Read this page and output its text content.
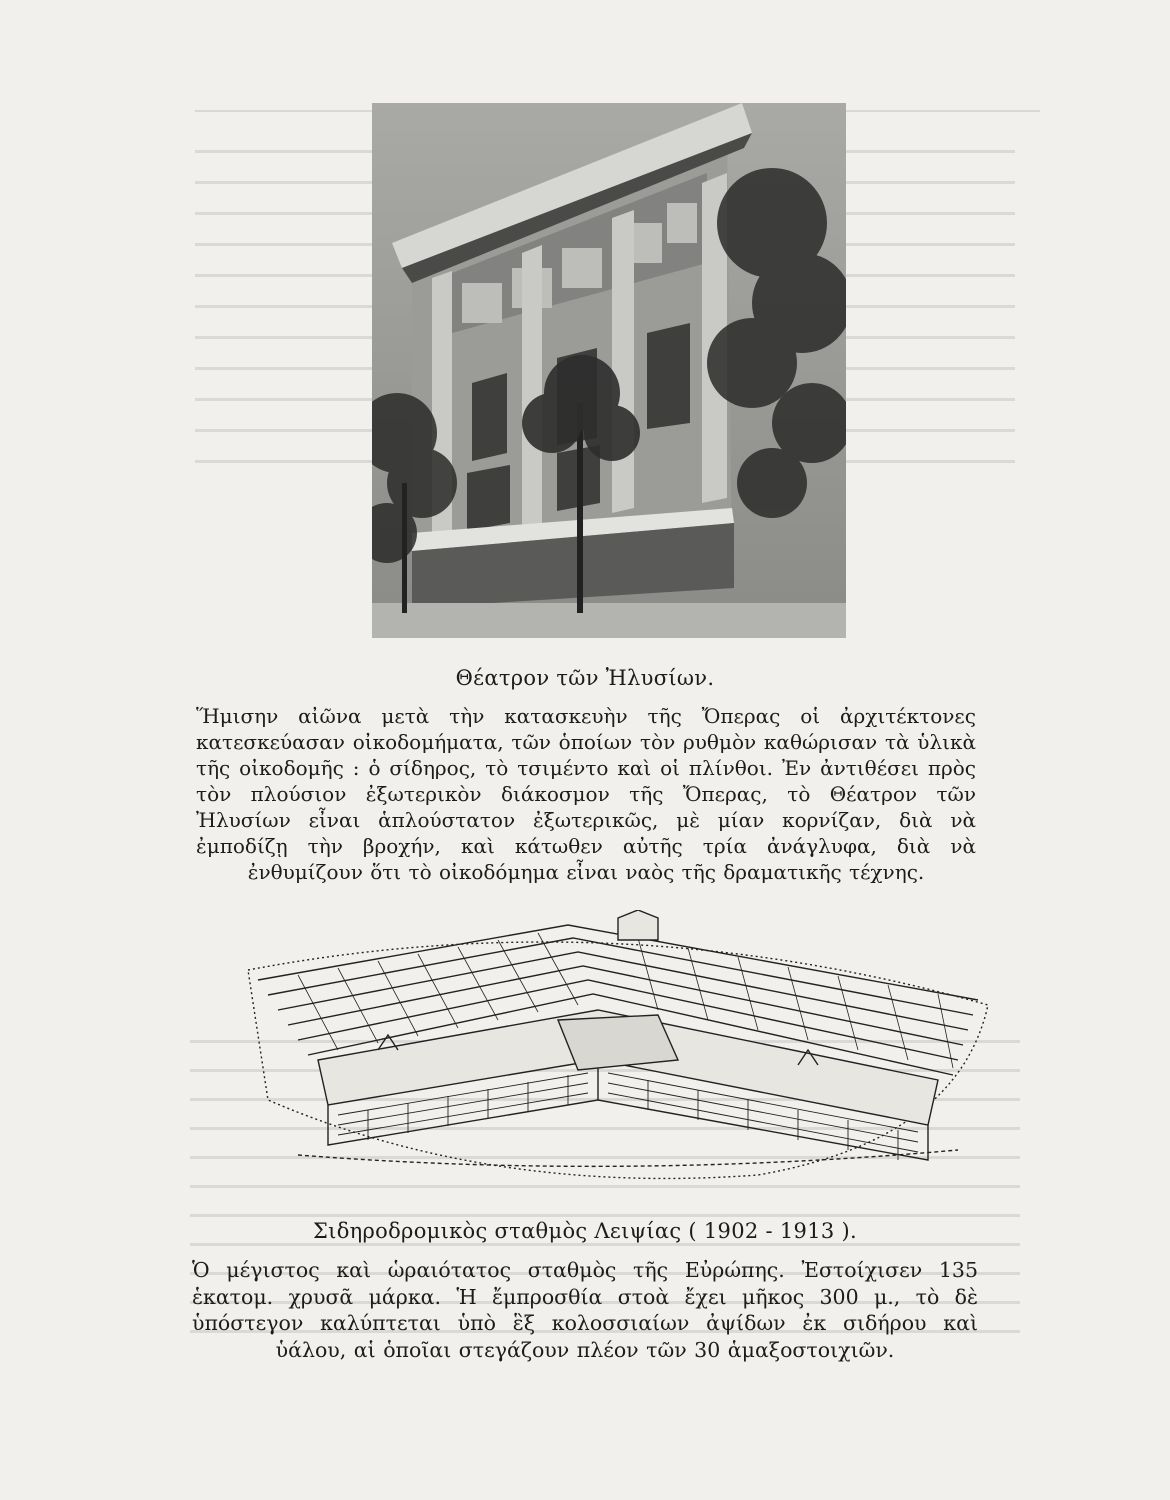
Θέατρον τῶν Ἠλυσίων.
Ἥμισην αἰῶνα μετὰ τὴν κατασκευὴν τῆς Ὄπερας οἱ ἀρχιτέκτονες κατεσκεύασαν οἰκοδομήματα, τῶν ὁποίων τὸν ρυθμὸν καθώρισαν τὰ ὑλικὰ τῆς οἰκοδομῆς : ὁ σίδηρος, τὸ τσιμέντο καὶ οἱ πλίνθοι. Ἐν ἀντιθέσει πρὸς τὸν πλούσιον ἐξωτερικὸν διάκοσμον τῆς Ὄπερας, τὸ Θέατρον τῶν Ἠλυσίων εἶναι ἁπλούστατον ἐξωτερικῶς, μὲ μίαν κορνίζαν, διὰ νὰ ἐμποδίζῃ τὴν βροχήν, καὶ κάτωθεν αὐτῆς τρία ἀνάγλυφα, διὰ νὰ ἐνθυμίζουν ὅτι τὸ οἰκοδόμημα εἶναι ναὸς τῆς δραματικῆς τέχνης.
Σιδηροδρομικὸς σταθμὸς Λειψίας ( 1902 - 1913 ).
Ὁ μέγιστος καὶ ὡραιότατος σταθμὸς τῆς Εὐρώπης. Ἐστοίχισεν 135 ἑκατομ. χρυσᾶ μάρκα. Ἡ ἔμπροσθία στοὰ ἔχει μῆκος 300 μ., τὸ δὲ ὑπόστεγον καλύπτεται ὑπὸ ἓξ κολοσσιαίων ἀψίδων ἐκ σιδήρου καὶ ὑάλου, αἱ ὁποῖαι στεγάζουν πλέον τῶν 30 ἁμαξοστοιχιῶν.
